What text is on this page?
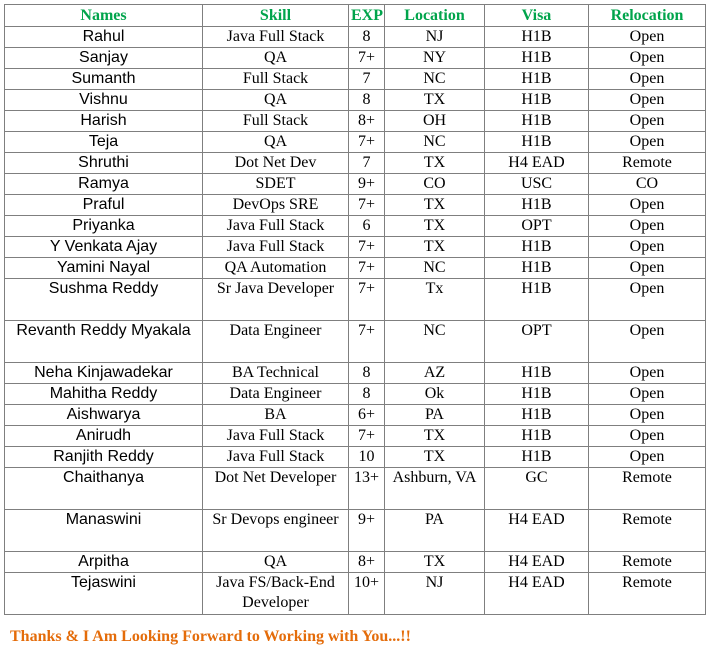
Names	Skill	EXP	Location	Visa	Relocation
Rahul	Java Full Stack	8	NJ	H1B	Open
Sanjay	QA	7+	NY	H1B	Open
Sumanth	Full Stack	7	NC	H1B	Open
Vishnu	QA	8	TX	H1B	Open
Harish	Full Stack	8+	OH	H1B	Open
Teja	QA	7+	NC	H1B	Open
Shruthi	Dot Net Dev	7	TX	H4 EAD	Remote
Ramya	SDET	9+	CO	USC	CO
Praful	DevOps SRE	7+	TX	H1B	Open
Priyanka	Java Full Stack	6	TX	OPT	Open
Y Venkata Ajay	Java Full Stack	7+	TX	H1B	Open
Yamini Nayal	QA Automation	7+	NC	H1B	Open
Sushma Reddy	Sr Java Developer	7+	Tx	H1B	Open
Revanth Reddy Myakala	Data Engineer	7+	NC	OPT	Open
Neha Kinjawadekar	BA Technical	8	AZ	H1B	Open
Mahitha Reddy	Data Engineer	8	Ok	H1B	Open
Aishwarya	BA	6+	PA	H1B	Open
Anirudh	Java Full Stack	7+	TX	H1B	Open
Ranjith Reddy	Java Full Stack	10	TX	H1B	Open
Chaithanya	Dot Net Developer	13+	Ashburn, VA	GC	Remote
Manaswini	Sr Devops engineer	9+	PA	H4 EAD	Remote
Arpitha	QA	8+	TX	H4 EAD	Remote
Tejaswini	Java FS/Back-End Developer	10+	NJ	H4 EAD	Remote
Thanks & I Am Looking Forward to Working with You...!!
